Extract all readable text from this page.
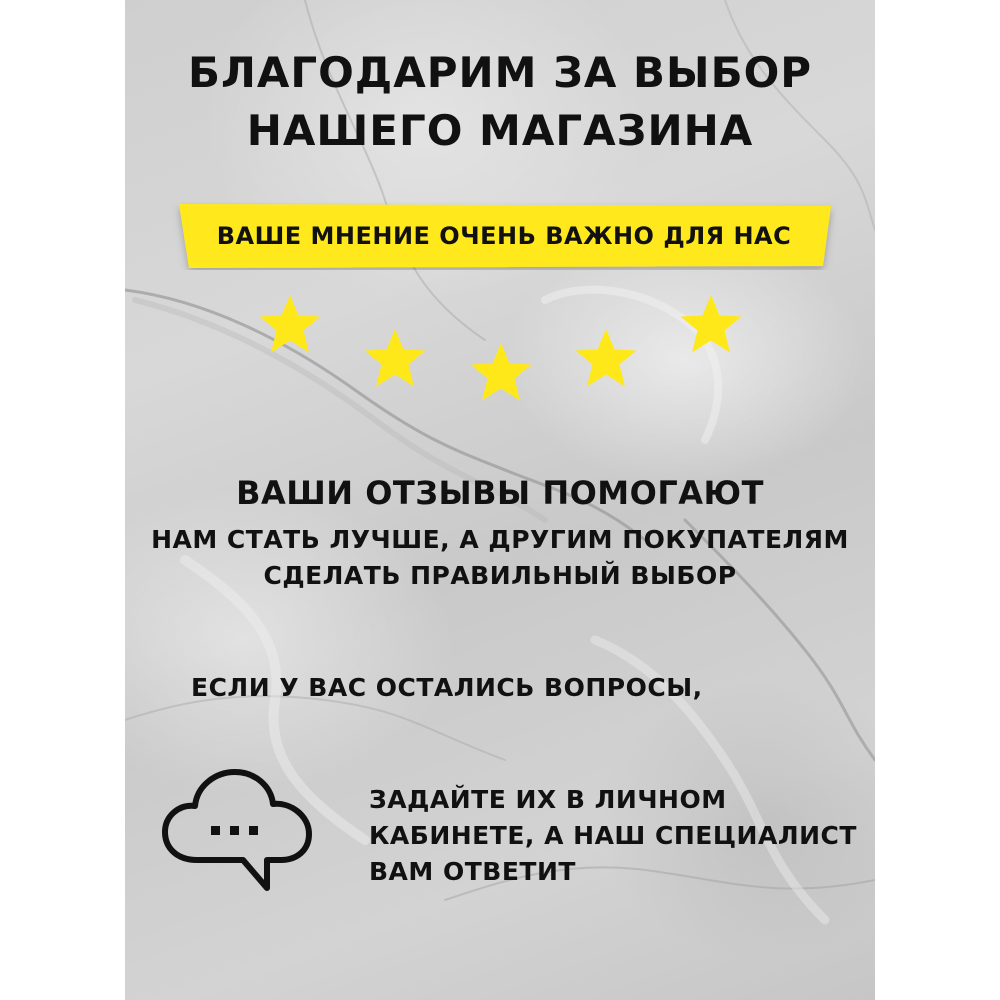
БЛАГОДАРИМ ЗА ВЫБОР
НАШЕГО МАГАЗИНА
ВАШЕ МНЕНИЕ ОЧЕНЬ ВАЖНО ДЛЯ НАС
ВАШИ ОТЗЫВЫ ПОМОГАЮТ
НАМ СТАТЬ ЛУЧШЕ, А ДРУГИМ ПОКУПАТЕЛЯМ
СДЕЛАТЬ ПРАВИЛЬНЫЙ ВЫБОР
ЕСЛИ У ВАС ОСТАЛИСЬ ВОПРОСЫ,
ЗАДАЙТЕ ИХ В ЛИЧНОМ
КАБИНЕТЕ, А НАШ СПЕЦИАЛИСТ
ВАМ ОТВЕТИТ
